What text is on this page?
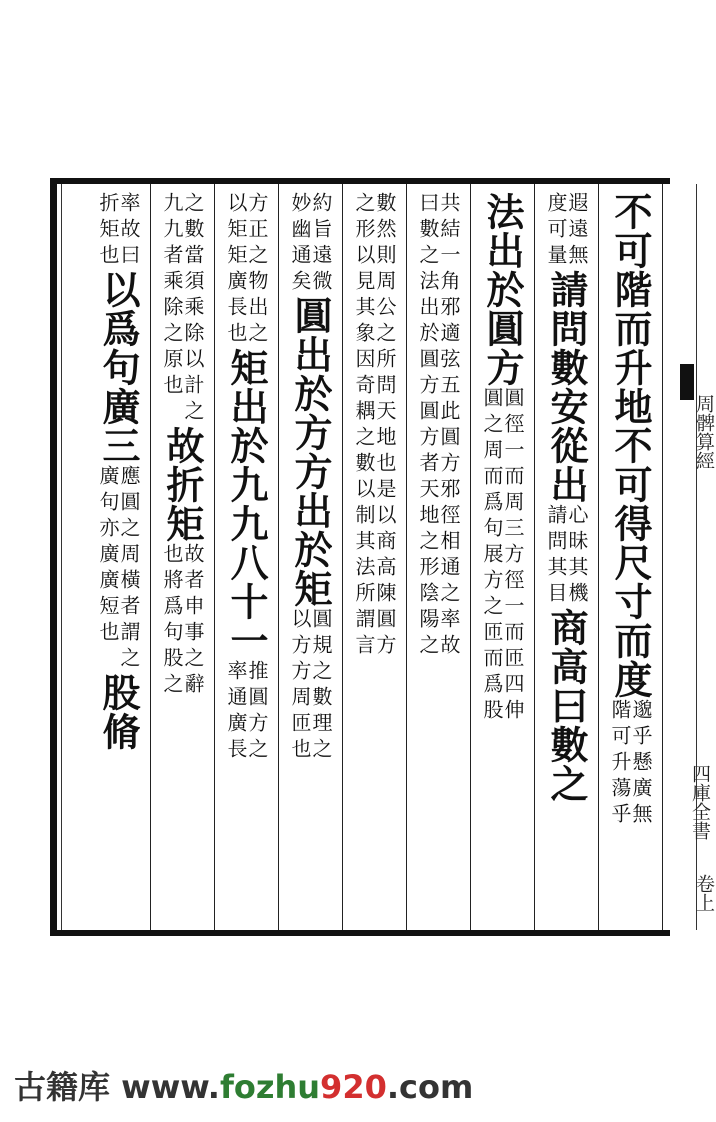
不可階而升地不可得尺寸而度
邈乎懸廣無
階可升蕩乎
遐遠無
度可量
請問數安從出
心昧其機
請問其目
商高曰數之
法出於圓方
圓徑一而周三方徑一而匝四伸
圓之周而爲句展方之匝而爲股
共結一角邪適弦五此圓方邪徑相通之率故
曰數之法出於圓方圓方者天地之形陰陽之
數然則周公之所問天地也是以商高陳圓方
之形以見其象因奇耦之數以制其法所謂言
約旨遠微
妙幽通矣
圓出於方方出於矩
圓規之數理之
以方方周匝也
方正之物出之
以矩矩廣長也
矩出於九九八十一
推圓方之
率通廣長
之數當須乘除以計之
九九者乘除之原也
故折矩
故者申事之辭
也將爲句股之
率故曰
折矩也
以爲句廣三
應圓之周橫者謂之
廣句亦廣廣短也
股脩
周髀算經
四庫全書
卷上
古籍库 www.fozhu920.com
